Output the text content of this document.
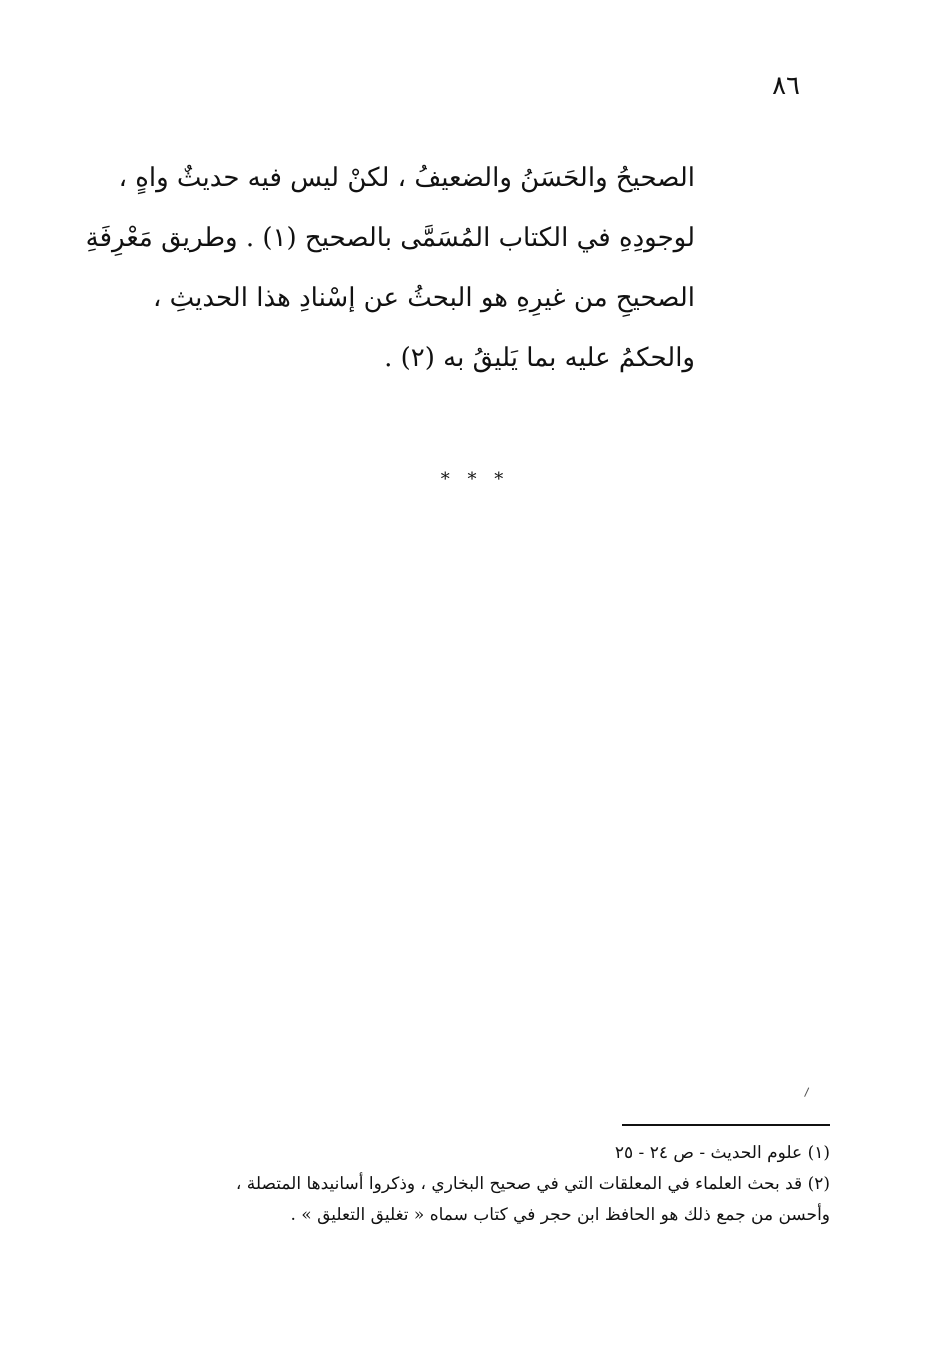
٨٦
الصحيحُ والحَسَنُ والضعيفُ ، لكنْ ليس فيه حديثٌ واهٍ ،
لوجودِهِ في الكتاب المُسَمَّى بالصحيح (١) . وطريق مَعْرِفَةِ
الصحيحِ من غيرِهِ هو البحثُ عن إسْنادِ هذا الحديثِ ،
والحكمُ عليه بما يَليقُ به (٢) .
* * *
(١) علوم الحديث - ص ٢٤ - ٢٥
(٢) قد بحث العلماء في المعلقات التي في صحيح البخاري ، وذكروا أسانيدها المتصلة ،
وأحسن من جمع ذلك هو الحافظ ابن حجر في كتاب سماه « تغليق التعليق » .
